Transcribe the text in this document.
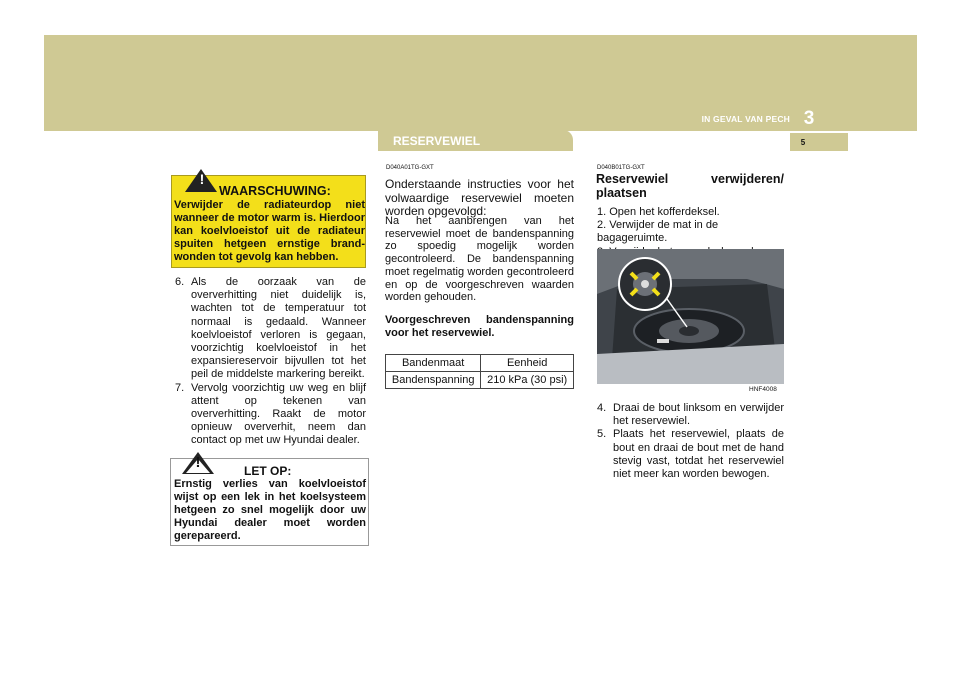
IN GEVAL VAN PECH 3
5
RESERVEWIEL
!
WAARSCHUWING:
Verwijder de radiateurdop niet wanneer de motor warm is. Hierdoor kan koelvloeistof uit de radiateur spuiten hetgeen ernstige brand-wonden tot gevolg kan hebben.
6. Als de oorzaak van de oververhitting niet duidelijk is, wachten tot de temperatuur tot normaal is gedaald. Wanneer koelvloeistof verloren is gegaan, voorzichtig koelvloeistof in het expansiereservoir bijvullen tot het peil de middelste markering bereikt.
7. Vervolg voorzichtig uw weg en blijf attent op tekenen van oververhitting. Raakt de motor opnieuw oververhit, neem dan contact op met uw Hyundai dealer.
!	LET OP:
Ernstig verlies van koelvloeistof wijst op een lek in het koelsysteem hetgeen zo snel mogelijk door uw Hyundai dealer moet worden gerepareerd.
D040A01TG-GXT
Onderstaande instructies voor het volwaardige reservewiel moeten worden opgevolgd:
Na het aanbrengen van het reservewiel moet de bandenspanning zo spoedig mogelijk worden gecontroleerd. De bandenspanning moet regelmatig worden gecontroleerd en op de voorgeschreven waarden worden gehouden.
Voorgeschreven bandenspanning voor het reservewiel.
Bandenmaat	Eenheid
Bandenspanning	210 kPa (30 psi)
D040B01TG-GXT
Reservewiel verwijderen/ plaatsen
1. Open het kofferdeksel.
2. Verwijder de mat in de bagageruimte.
HNF4008
4. Draai de bout linksom en verwijder het reservewiel.
5. Plaats het reservewiel, plaats de bout en draai de bout met de hand stevig vast, totdat het reservewiel niet meer kan worden bewogen.
